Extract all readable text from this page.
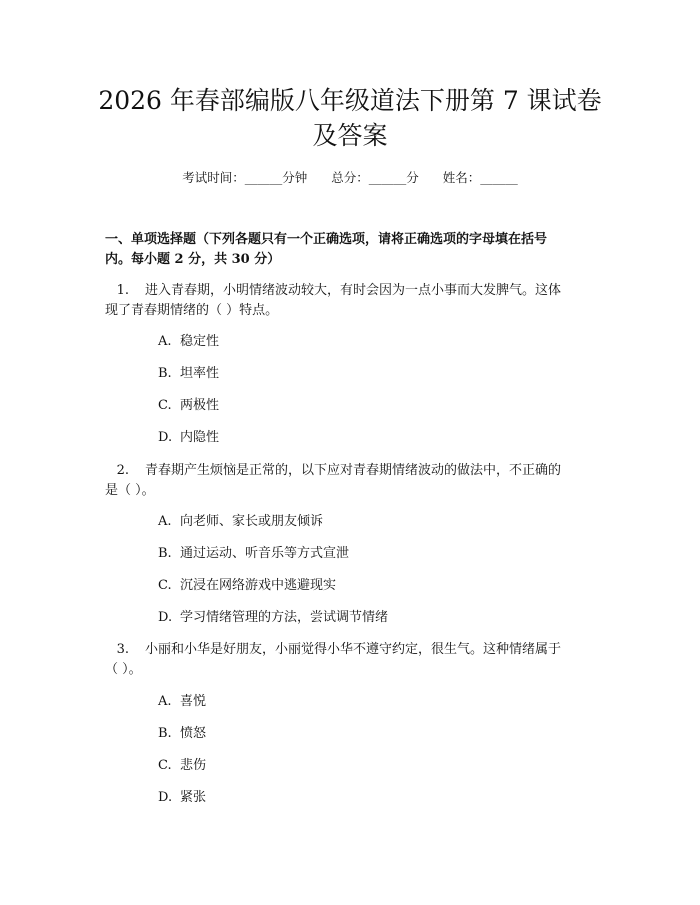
2026 年春部编版八年级道法下册第 7 课试卷
及答案
考试时间：______分钟 总分：______分 姓名：______
一、单项选择题（下列各题只有一个正确选项，请将正确选项的字母填在括号
内。每小题 2 分，共 30 分）
1. 进入青春期，小明情绪波动较大，有时会因为一点小事而大发脾气。这体
现了青春期情绪的（ ）特点。
A. 稳定性
B. 坦率性
C. 两极性
D. 内隐性
2. 青春期产生烦恼是正常的，以下应对青春期情绪波动的做法中，不正确的
是（ ）。
A. 向老师、家长或朋友倾诉
B. 通过运动、听音乐等方式宣泄
C. 沉浸在网络游戏中逃避现实
D. 学习情绪管理的方法，尝试调节情绪
3. 小丽和小华是好朋友，小丽觉得小华不遵守约定，很生气。这种情绪属于
（ ）。
A. 喜悦
B. 愤怒
C. 悲伤
D. 紧张
